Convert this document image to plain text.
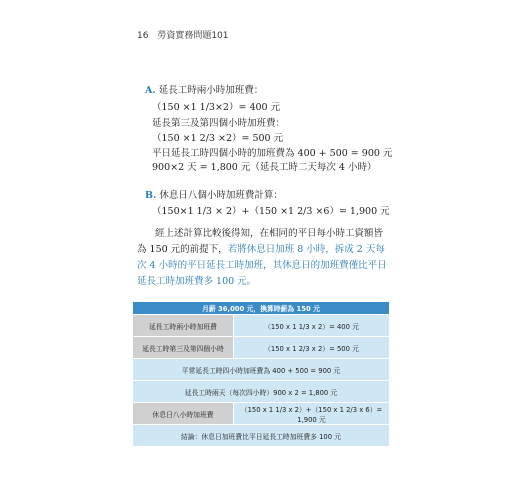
16 勞資實務問題101
A. 延長工時兩小時加班費：
（150 ×1 1/3×2）= 400 元
延長第三及第四個小時加班費：
（150 ×1 2/3 ×2）= 500 元
平日延長工時四個小時的加班費為 400 + 500 = 900 元
900×2 天 = 1,800 元（延長工時二天每次 4 小時）
B. 休息日八個小時加班費計算：
（150×1 1/3 × 2）+（150 ×1 2/3 ×6）= 1,900 元
經上述計算比較後得知，在相同的平日每小時工資額皆為 150 元的前提下，若將休息日加班 8 小時，拆成 2 天每次 4 小時的平日延長工時加班，其休息日的加班費僅比平日延長工時加班費多 100 元。
月薪 36,000 元，換算時薪為 150 元	
延長工時兩小時加班費	（150 x 1 1/3 x 2）= 400 元
延長工時第三及第四個小時	（150 x 1 2/3 x 2）= 500 元
平常延長工時四小時加班費為 400 + 500 = 900 元	
延長工時兩天（每次四小時）900 x 2 = 1,800 元	
休息日八小時加班費	（150 x 1 1/3 x 2）+（150 x 1 2/3 x 6）= 1,900 元
結論：休息日加班費比平日延長工時加班費多 100 元	
